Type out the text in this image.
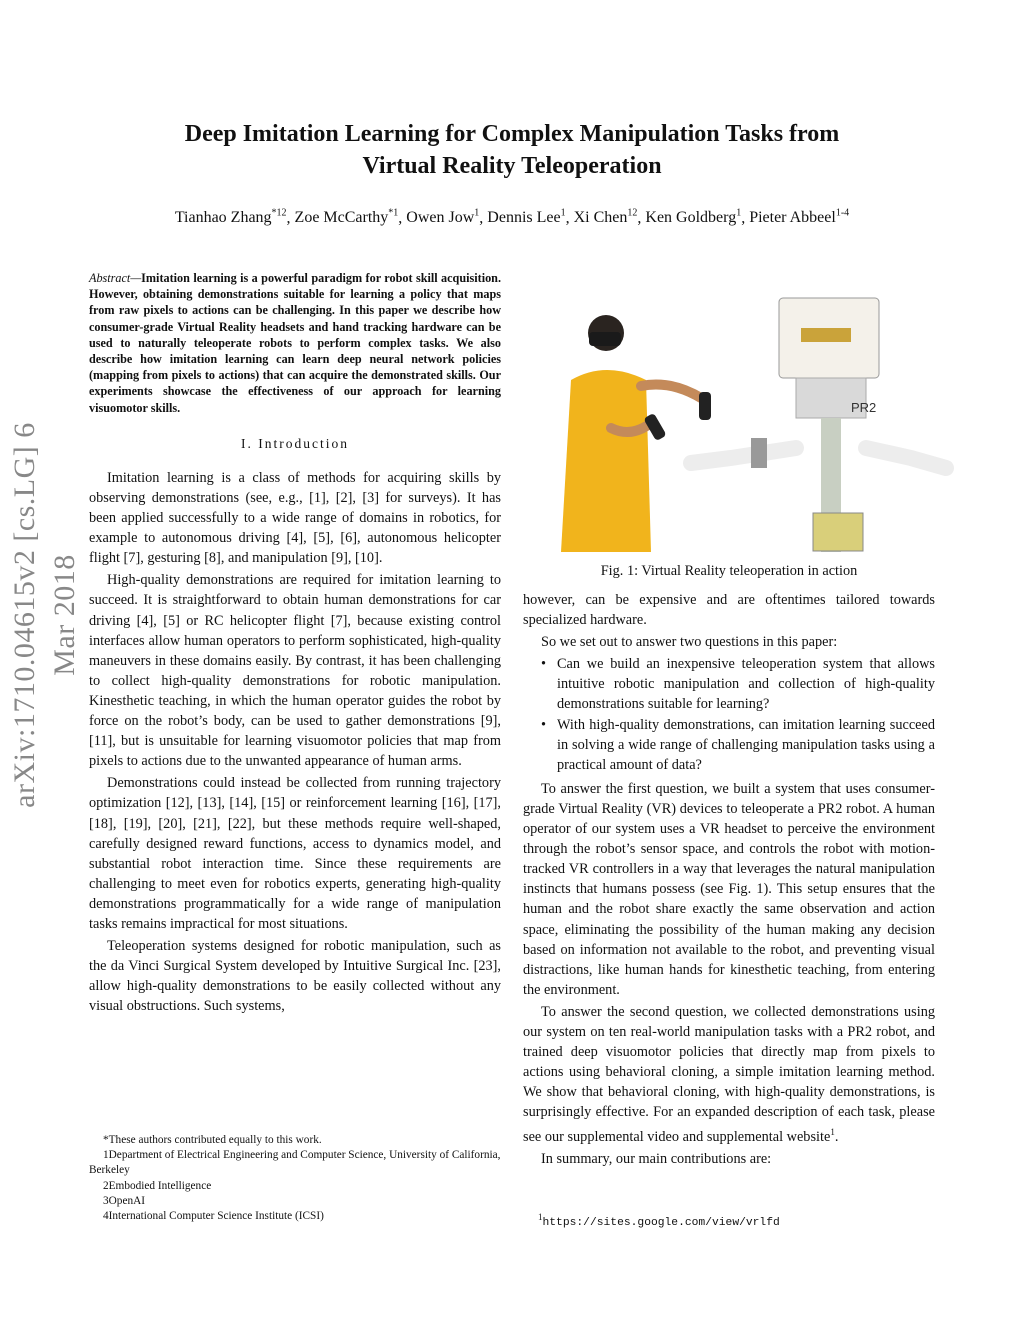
Deep Imitation Learning for Complex Manipulation Tasks from
Virtual Reality Teleoperation
Tianhao Zhang$^{*12}$, Zoe McCarthy$^{*1}$, Owen Jow$^1$, Dennis Lee$^1$, Xi Chen$^{12}$, Ken Goldberg$^1$, Pieter Abbeel$^{1-4}$
arXiv:1710.04615v2 [cs.LG] 6 Mar 2018
Abstract—Imitation learning is a powerful paradigm for robot skill acquisition. However, obtaining demonstrations suitable for learning a policy that maps from raw pixels to actions can be challenging. In this paper we describe how consumer-grade Virtual Reality headsets and hand tracking hardware can be used to naturally teleoperate robots to perform complex tasks. We also describe how imitation learning can learn deep neural network policies (mapping from pixels to actions) that can acquire the demonstrated skills. Our experiments showcase the effectiveness of our approach for learning visuomotor skills.
I. Introduction

Imitation learning is a class of methods for acquiring skills by observing demonstrations (see, e.g., [1], [2], [3] for surveys). It has been applied successfully to a wide range of domains in robotics, for example to autonomous driving [4], [5], [6], autonomous helicopter flight [7], gesturing [8], and manipulation [9], [10].

High-quality demonstrations are required for imitation learning to succeed. It is straightforward to obtain human demonstrations for car driving [4], [5] or RC helicopter flight [7], because existing control interfaces allow human operators to perform sophisticated, high-quality maneuvers in these domains easily. By contrast, it has been challenging to collect high-quality demonstrations for robotic manipulation. Kinesthetic teaching, in which the human operator guides the robot by force on the robot’s body, can be used to gather demonstrations [9], [11], but is unsuitable for learning visuomotor policies that map from pixels to actions due to the unwanted appearance of human arms.

Demonstrations could instead be collected from running trajectory optimization [12], [13], [14], [15] or reinforcement learning [16], [17], [18], [19], [20], [21], [22], but these methods require well-shaped, carefully designed reward functions, access to dynamics model, and substantial robot interaction time. Since these requirements are challenging to meet even for robotics experts, generating high-quality demonstrations programmatically for a wide range of manipulation tasks remains impractical for most situations.

Teleoperation systems designed for robotic manipulation, such as the da Vinci Surgical System developed by Intuitive Surgical Inc. [23], allow high-quality demonstrations to be easily collected without any visual obstructions. Such systems,

*These authors contributed equally to this work.
1Department of Electrical Engineering and Computer Science, University of California, Berkeley
2Embodied Intelligence
3OpenAI
4International Computer Science Institute (ICSI)
PR2
Fig. 1: Virtual Reality teleoperation in action

however, can be expensive and are oftentimes tailored towards specialized hardware.

So we set out to answer two questions in this paper:

• Can we build an inexpensive teleoperation system that allows intuitive robotic manipulation and collection of high-quality demonstrations suitable for learning?
• With high-quality demonstrations, can imitation learning succeed in solving a wide range of challenging manipulation tasks using a practical amount of data?

To answer the first question, we built a system that uses consumer-grade Virtual Reality (VR) devices to teleoperate a PR2 robot. A human operator of our system uses a VR headset to perceive the environment through the robot’s sensor space, and controls the robot with motion-tracked VR controllers in a way that leverages the natural manipulation instincts that humans possess (see Fig. 1). This setup ensures that the human and the robot share exactly the same observation and action space, eliminating the possibility of the human making any decision based on information not available to the robot, and preventing visual distractions, like human hands for kinesthetic teaching, from entering the environment.

To answer the second question, we collected demonstrations using our system on ten real-world manipulation tasks with a PR2 robot, and trained deep visuomotor policies that directly map from pixels to actions using behavioral cloning, a simple imitation learning method. We show that behavioral cloning, with high-quality demonstrations, is surprisingly effective. For an expanded description of each task, please see our supplemental video and supplemental website$^1$.

In summary, our main contributions are:

$^1$https://sites.google.com/view/vrlfd
